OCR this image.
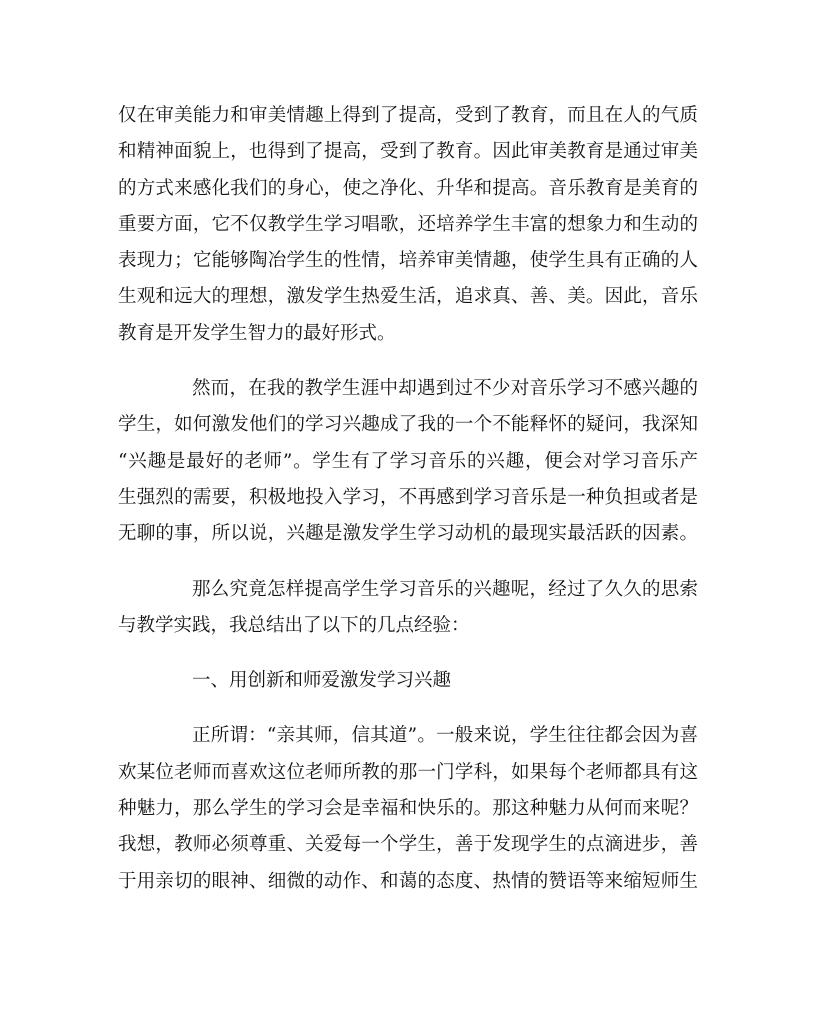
仅在审美能力和审美情趣上得到了提高，受到了教育，而且在人的气质
和精神面貌上，也得到了提高，受到了教育。因此审美教育是通过审美
的方式来感化我们的身心，使之净化、升华和提高。音乐教育是美育的
重要方面，它不仅教学生学习唱歌，还培养学生丰富的想象力和生动的
表现力；它能够陶冶学生的性情，培养审美情趣，使学生具有正确的人
生观和远大的理想，激发学生热爱生活，追求真、善、美。因此，音乐
教育是开发学生智力的最好形式。
然而，在我的教学生涯中却遇到过不少对音乐学习不感兴趣的
学生，如何激发他们的学习兴趣成了我的一个不能释怀的疑问，我深知
“兴趣是最好的老师”。学生有了学习音乐的兴趣，便会对学习音乐产
生强烈的需要，积极地投入学习，不再感到学习音乐是一种负担或者是
无聊的事，所以说，兴趣是激发学生学习动机的最现实最活跃的因素。
那么究竟怎样提高学生学习音乐的兴趣呢，经过了久久的思索
与教学实践，我总结出了以下的几点经验：
一、用创新和师爱激发学习兴趣
正所谓：“亲其师，信其道”。一般来说，学生往往都会因为喜
欢某位老师而喜欢这位老师所教的那一门学科，如果每个老师都具有这
种魅力，那么学生的学习会是幸福和快乐的。那这种魅力从何而来呢？
我想，教师必须尊重、关爱每一个学生，善于发现学生的点滴进步，善
于用亲切的眼神、细微的动作、和蔼的态度、热情的赞语等来缩短师生
